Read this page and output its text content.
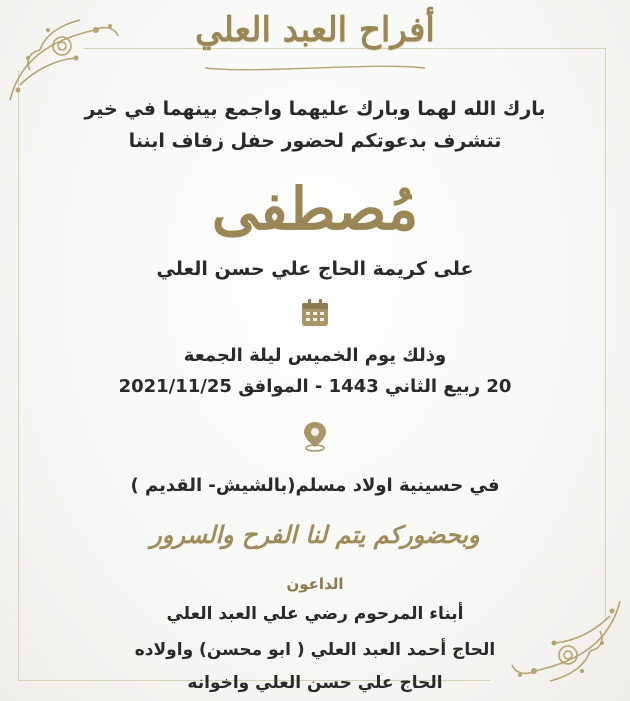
أفراح العبد العلي
بارك الله لهما وبارك عليهما واجمع بينهما في خير
تتشرف بدعوتكم لحضور حفل زفاف ابننا
مُصطفى
على كريمة الحاج علي حسن العلي
وذلك يوم الخميس ليلة الجمعة
20 ربيع الثاني 1443 - الموافق 2021/11/25
في حسينية اولاد مسلم(بالشيش- القديم )
وبحضوركم يتم لنا الفرح والسرور
الداعون
أبناء المرحوم رضي علي العبد العلي
الحاج أحمد العبد العلي ( ابو محسن) واولاده
الحاج علي حسن العلي واخوانه
